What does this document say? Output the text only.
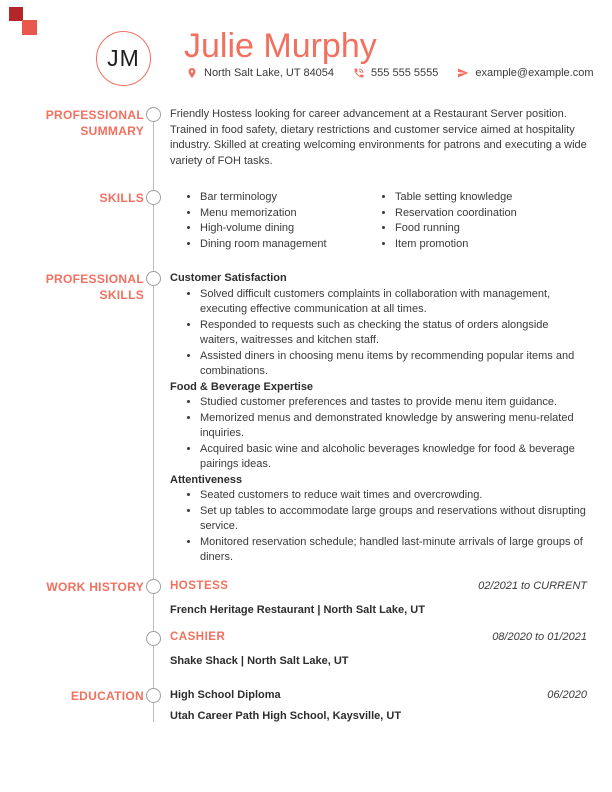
JM Julie Murphy
North Salt Lake, UT 84054	555 555 5555	example@example.com
PROFESSIONAL
SUMMARY

Friendly Hostess looking for career advancement at a Restaurant Server position. Trained in food safety, dietary restrictions and customer service aimed at hospitality industry. Skilled at creating welcoming environments for patrons and executing a wide variety of FOH tasks.

SKILLS	• Bar terminology
• Menu memorization
• High-volume dining
• Dining room management
• Table setting knowledge
• Reservation coordination
• Food running
• Item promotion
PROFESSIONAL
SKILLS
Customer Satisfaction
• Solved difficult customers complaints in collaboration with management, executing effective communication at all times.
• Responded to requests such as checking the status of orders alongside waiters, waitresses and kitchen staff.
• Assisted diners in choosing menu items by recommending popular items and combinations.
Food & Beverage Expertise
• Studied customer preferences and tastes to provide menu item guidance.
• Memorized menus and demonstrated knowledge by answering menu-related inquiries.
• Acquired basic wine and alcoholic beverages knowledge for food & beverage pairings ideas.
Attentiveness
• Seated customers to reduce wait times and overcrowding.
• Set up tables to accommodate large groups and reservations without disrupting service.
• Monitored reservation schedule; handled last-minute arrivals of large groups of diners.
WORK HISTORY HOSTESS	02/2021 to CURRENT
French Heritage Restaurant | North Salt Lake, UT
CASHIER	08/2020 to 01/2021
Shake Shack | North Salt Lake, UT
EDUCATION High School Diploma	06/2020
Utah Career Path High School, Kaysville, UT
